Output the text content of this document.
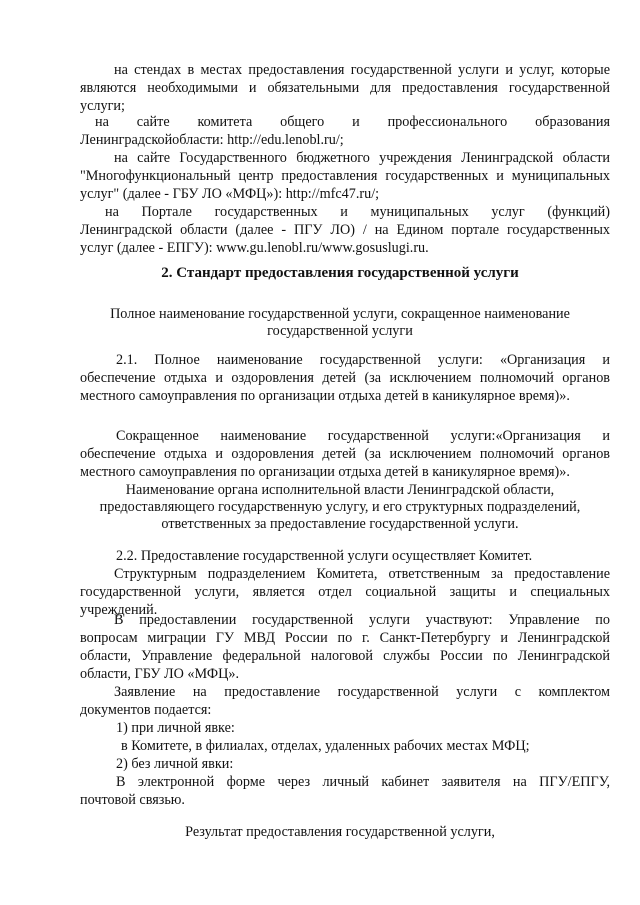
на стендах в местах предоставления государственной услуги и услуг, которые

являются необходимыми и обязательными для предоставления государственной

услуги;

на сайте комитета общего и профессионального образования

Ленинградскойобласти: http://edu.lenobl.ru/;

на сайте Государственного бюджетного учреждения Ленинградской области

"Многофункциональный центр предоставления государственных и муниципальных

услуг" (далее - ГБУ ЛО «МФЦ»): http://mfc47.ru/;

на Портале государственных и муниципальных услуг (функций)

Ленинградской области (далее - ПГУ ЛО) / на Едином портале государственных

услуг (далее - ЕПГУ): www.gu.lenobl.ru/www.gosuslugi.ru.

2. Стандарт предоставления государственной услуги

Полное наименование государственной услуги, сокращенное наименование
государственной услуги

2.1. Полное наименование государственной услуги: «Организация и

обеспечение отдыха и оздоровления детей (за исключением полномочий органов

местного самоуправления по организации отдыха детей в каникулярное время)».

Сокращенное наименование государственной услуги:«Организация и

обеспечение отдыха и оздоровления детей (за исключением полномочий органов

местного самоуправления по организации отдыха детей в каникулярное время)».

Наименование органа исполнительной власти Ленинградской области,
предоставляющего государственную услугу, и его структурных подразделений,
ответственных за предоставление государственной услуги.

2.2. Предоставление государственной услуги осуществляет Комитет.

Структурным подразделением Комитета, ответственным за предоставление

государственной услуги, является отдел социальной защиты и специальных

учреждений.

В предоставлении государственной услуги участвуют: Управление по

вопросам миграции ГУ МВД России по г. Санкт-Петербургу и Ленинградской

области, Управление федеральной налоговой службы России по Ленинградской

области, ГБУ ЛО «МФЦ».

Заявление на предоставление государственной услуги с комплектом

документов подается:

1) при личной явке:

в Комитете, в филиалах, отделах, удаленных рабочих местах МФЦ;

2) без личной явки:

В электронной форме через личный кабинет заявителя на ПГУ/ЕПГУ,

почтовой связью.

Результат предоставления государственной услуги,
